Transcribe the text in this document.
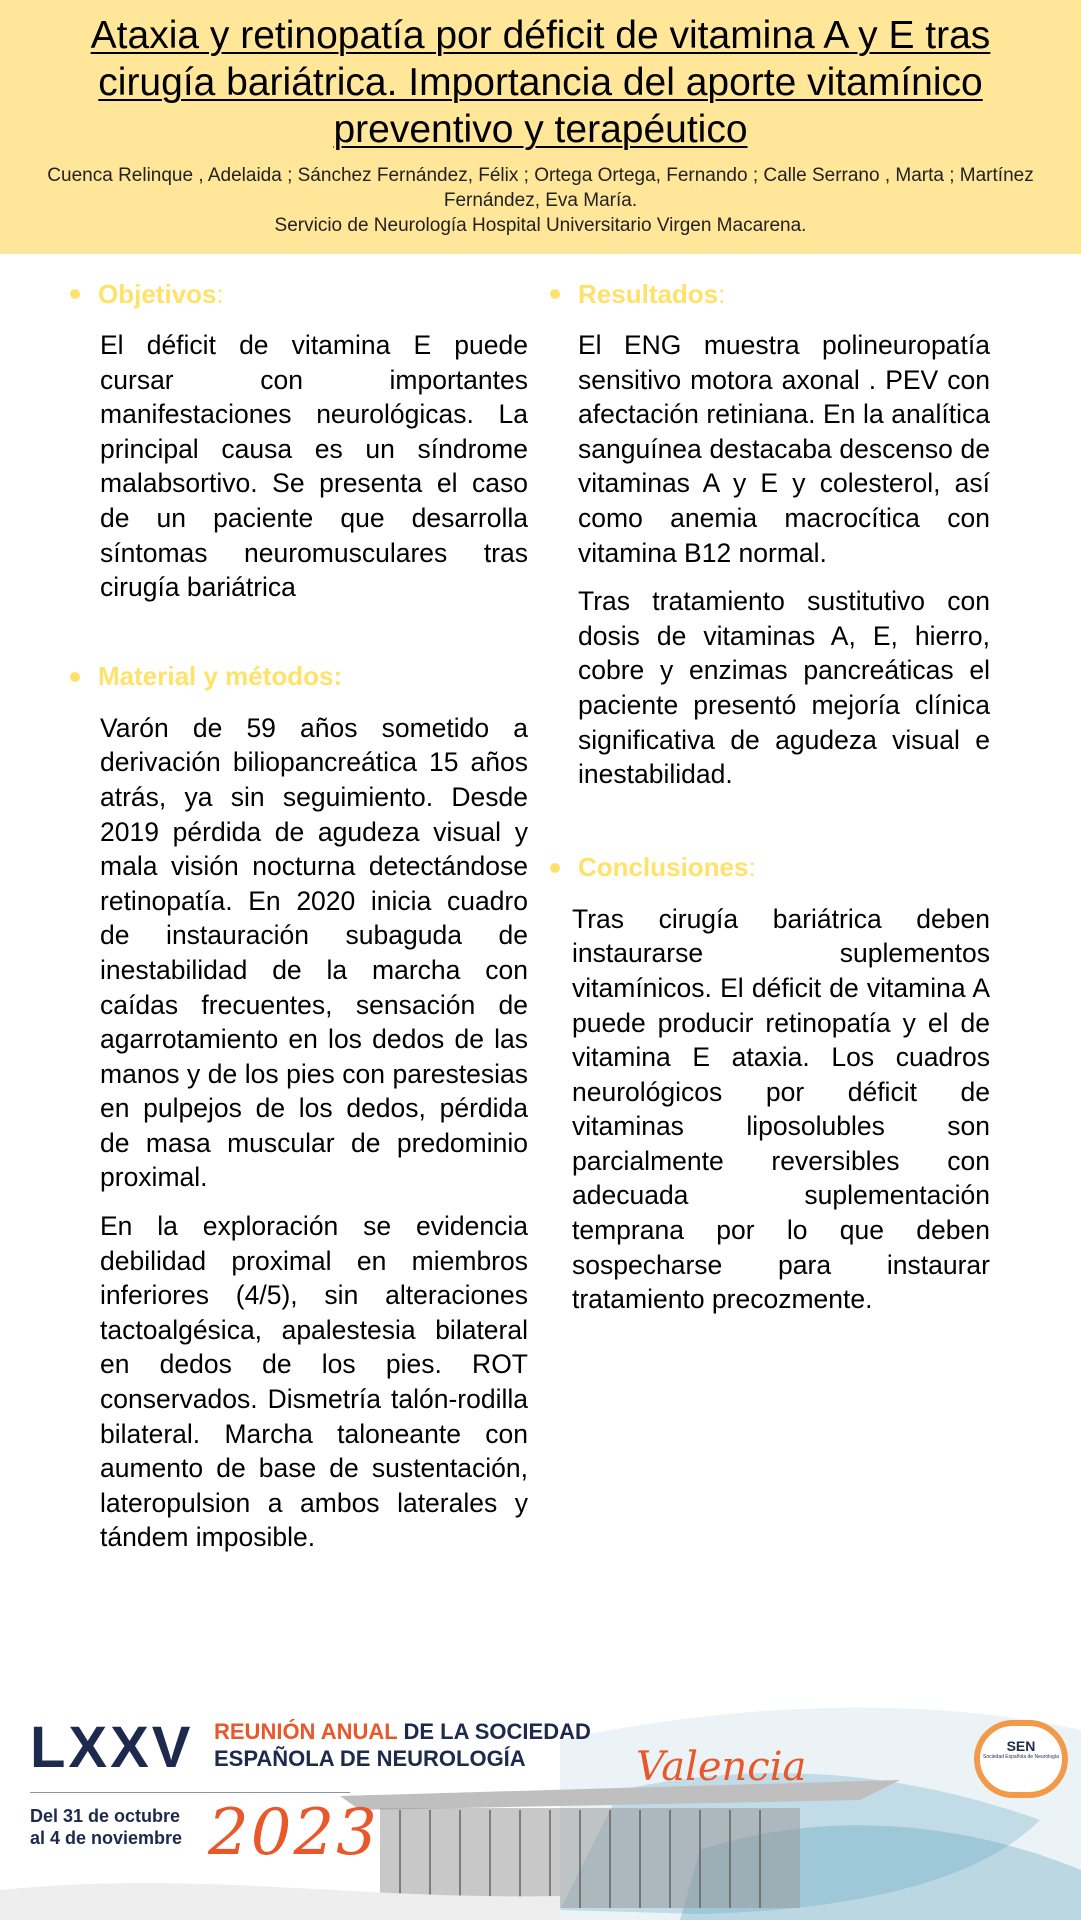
Ataxia y retinopatía por déficit de vitamina A y E tras cirugía bariátrica. Importancia del aporte vitamínico preventivo y terapéutico
Cuenca Relinque , Adelaida ; Sánchez Fernández, Félix ; Ortega Ortega, Fernando ; Calle Serrano , Marta ; Martínez Fernández, Eva María.
Servicio de Neurología Hospital Universitario Virgen Macarena.
Objetivos :

El déficit de vitamina E puede cursar con importantes manifestaciones neurológicas. La principal causa es un síndrome malabsortivo. Se presenta el caso de un paciente que desarrolla síntomas neuromusculares tras cirugía bariátrica

Material y métodos:

Varón de 59 años sometido a derivación biliopancreática 15 años atrás, ya sin seguimiento. Desde 2019 pérdida de agudeza visual y mala visión nocturna detectándose retinopatía. En 2020 inicia cuadro de instauración subaguda de inestabilidad de la marcha con caídas frecuentes, sensación de agarrotamiento en los dedos de las manos y de los pies con parestesias en pulpejos de los dedos, pérdida de masa muscular de predominio proximal.

En la exploración se evidencia debilidad proximal en miembros inferiores (4/5), sin alteraciones tactoalgésica, apalestesia bilateral en dedos de los pies. ROT conservados. Dismetría talón-rodilla bilateral. Marcha taloneante con aumento de base de sustentación, lateropulsion a ambos laterales y tándem imposible.

Resultados :

El ENG muestra polineuropatía sensitivo motora axonal . PEV con afectación retiniana. En la analítica sanguínea destacaba descenso de vitaminas A y E y colesterol, así como anemia macrocítica con vitamina B12 normal.

Tras tratamiento sustitutivo con dosis de vitaminas A, E, hierro, cobre y enzimas pancreáticas el paciente presentó mejoría clínica significativa de agudeza visual e inestabilidad.

Conclusiones :

Tras cirugía bariátrica deben instaurarse suplementos vitamínicos. El déficit de vitamina A puede producir retinopatía y el de vitamina E ataxia. Los cuadros neurológicos por déficit de vitaminas liposolubles son parcialmente reversibles con adecuada suplementación temprana por lo que deben sospecharse para instaurar tratamiento precozmente.

LXXV REUNIÓN ANUAL DE LA SOCIEDAD
ESPAÑOLA DE NEUROLOGÍA
Del 31 de octubre
al 4 de noviembre 2023
Valencia	SEN
Sociedad Española de Neurología
